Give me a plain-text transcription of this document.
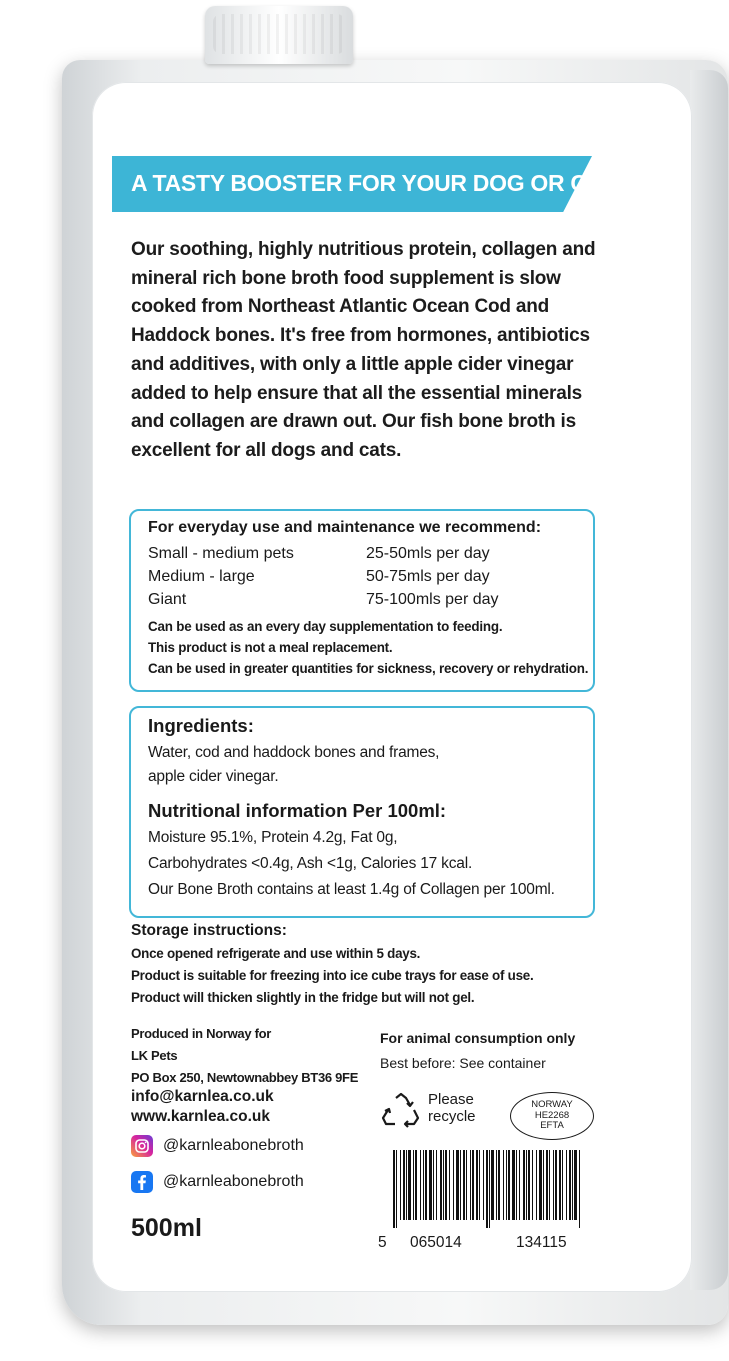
A TASTY BOOSTER FOR YOUR DOG OR CAT.
Our soothing, highly nutritious protein, collagen and
mineral rich bone broth food supplement is slow
cooked from Northeast Atlantic Ocean Cod and
Haddock bones. It's free from hormones, antibiotics
and additives, with only a little apple cider vinegar
added to help ensure that all the essential minerals
and collagen are drawn out. Our fish bone broth is
excellent for all dogs and cats.
For everyday use and maintenance we recommend:
Small - medium pets	25-50mls per day
Medium - large	50-75mls per day
Giant	75-100mls per day
Can be used as an every day supplementation to feeding.
This product is not a meal replacement.
Can be used in greater quantities for sickness, recovery or rehydration.
Ingredients:
Water, cod and haddock bones and frames,
apple cider vinegar.
Nutritional information Per 100ml:
Moisture 95.1%, Protein 4.2g, Fat 0g,
Carbohydrates <0.4g, Ash <1g, Calories 17 kcal.
Our Bone Broth contains at least 1.4g of Collagen per 100ml.
Storage instructions:
Once opened refrigerate and use within 5 days.
Product is suitable for freezing into ice cube trays for ease of use.
Product will thicken slightly in the fridge but will not gel.
Produced in Norway for
LK Pets
PO Box 250, Newtownabbey BT36 9FE
info@karnlea.co.uk
www.karnlea.co.uk
@karnleabonebroth
@karnleabonebroth
500ml
For animal consumption only
Best before: See container
Please
recycle
NORWAY
HE2268
EFTA
5 065014	134115
